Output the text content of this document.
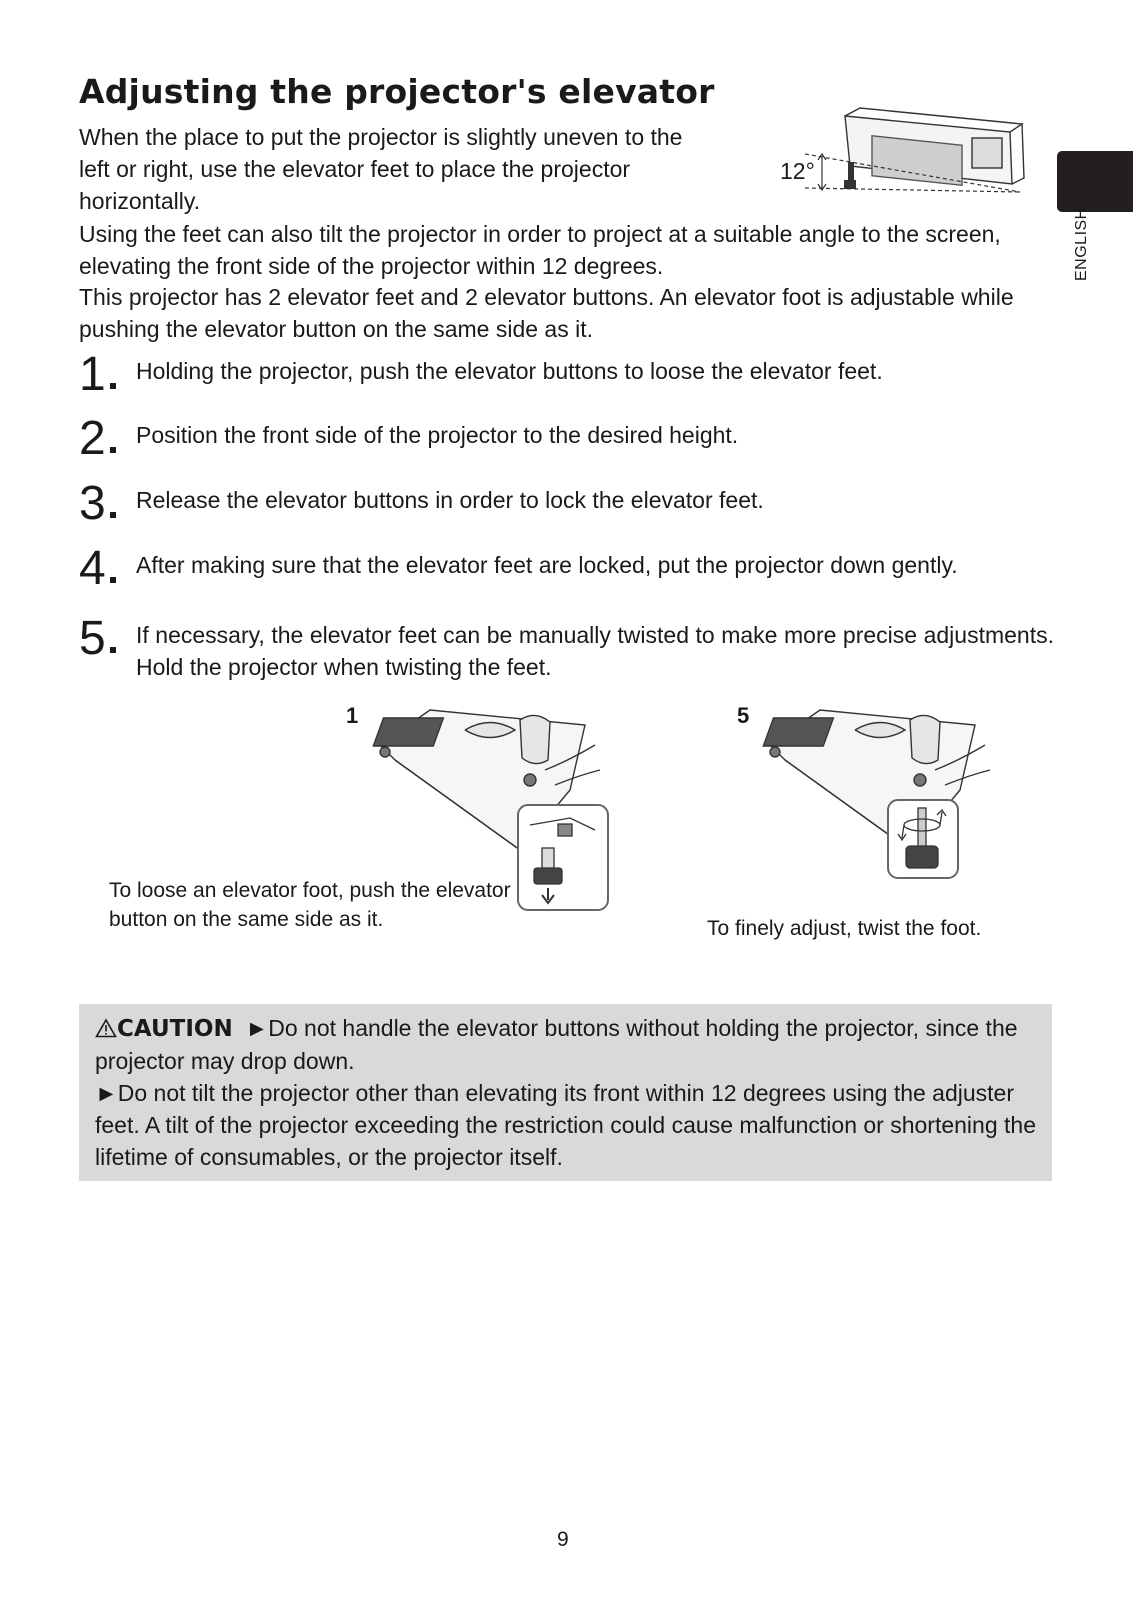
Adjusting the projector's elevator

When the place to put the projector is slightly uneven to the left or right, use the elevator feet to place the projector horizontally.

Using the feet can also tilt the projector in order to project at a suitable angle to the screen, elevating the front side of the projector within 12 degrees.

This projector has 2 elevator feet and 2 elevator buttons. An elevator foot is adjustable while pushing the elevator button on the same side as it.

12°
ENGLISH
1 Holding the projector, push the elevator buttons to loose the elevator feet.
2 Position the front side of the projector to the desired height.
3 Release the elevator buttons in order to lock the elevator feet.
4 After making sure that the elevator feet are locked, put the projector down gently.
5 If necessary, the elevator feet can be manually twisted to make more precise adjustments. Hold the projector when twisting the feet.
1

To loose an elevator foot, push the elevator button on the same side as it.

5

To finely adjust, twist the foot.

CAUTION ►Do not handle the elevator buttons without holding the projector, since the projector may drop down.

►Do not tilt the projector other than elevating its front within 12 degrees using the adjuster feet. A tilt of the projector exceeding the restriction could cause malfunction or shortening the lifetime of consumables, or the projector itself.

9
